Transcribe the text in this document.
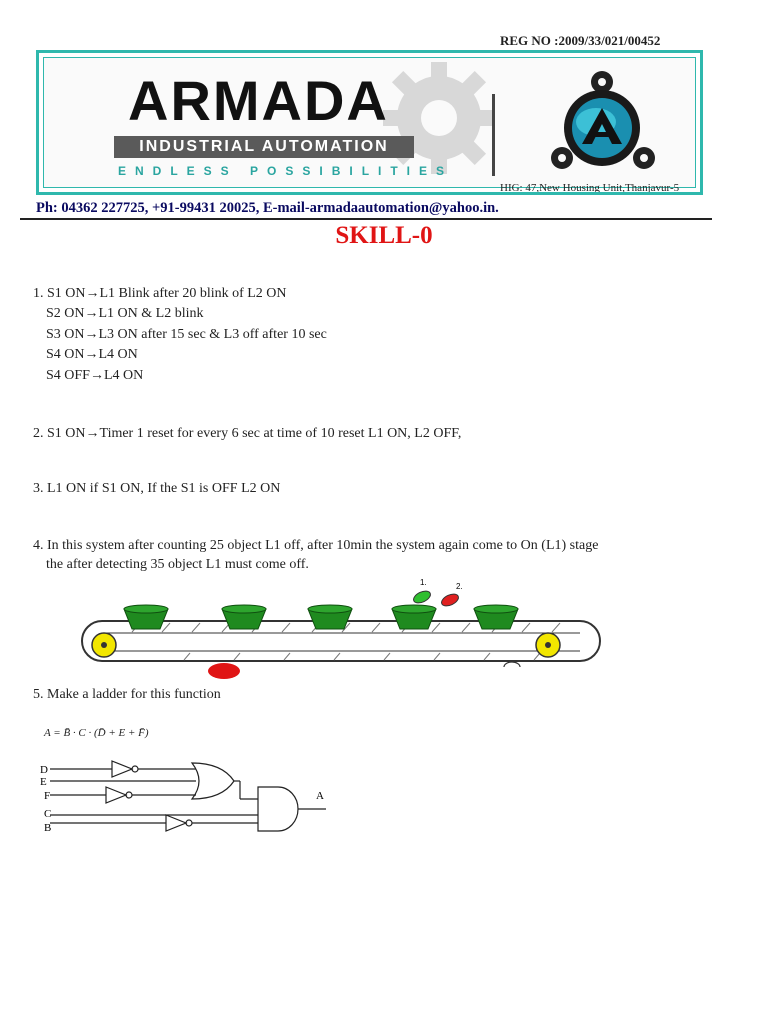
REG NO :2009/33/021/00452
ARMADA
INDUSTRIAL AUTOMATION
ENDLESS POSSIBILITIES
HIG: 47,New Housing Unit,Thanjavur-5
Ph: 04362 227725, +91-99431 20025, E-mail-armadaautomation@yahoo.in.
SKILL-0
1. S1 ON→L1 Blink after 20 blink of L2 ON
S2 ON→L1 ON & L2 blink
S3 ON→L3 ON after 15 sec & L3 off after 10 sec
S4 ON→L4 ON
S4 OFF→L4 ON
2. S1 ON→Timer 1 reset for every 6 sec at time of 10 reset L1 ON, L2 OFF,
3. L1 ON if S1 ON, If the S1 is OFF L2 ON
4. In this system after counting 25 object L1 off, after 10min the system again come to On (L1) stage
the after detecting 35 object L1 must come off.
1.	2.
5. Make a ladder for this function
A = B̄ · C · (D̄ + E + F̄)
D
E
F
C
B
A
